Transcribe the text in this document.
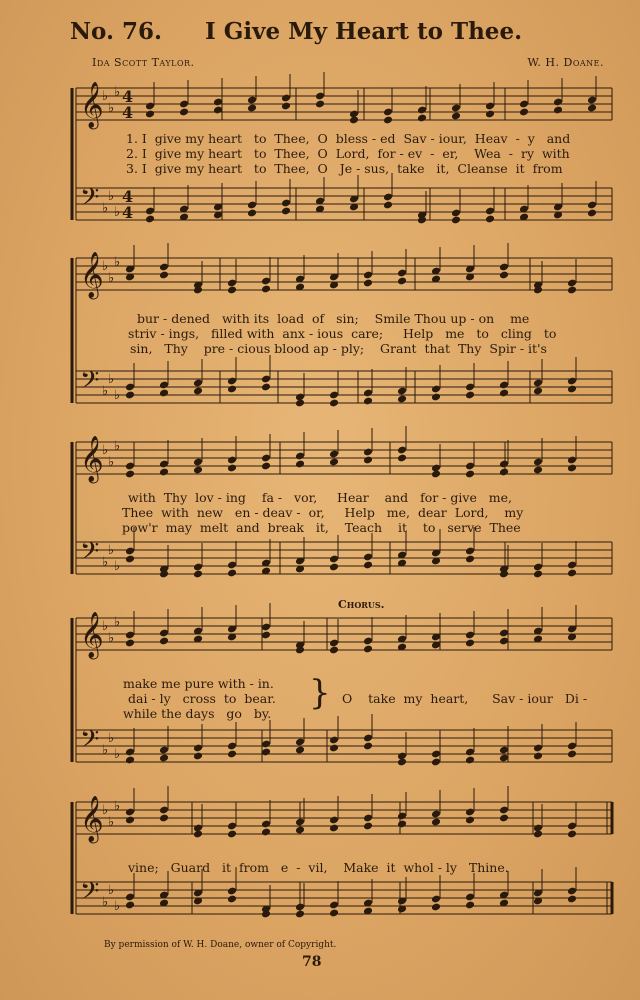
No. 76. I Give My Heart to Thee.
Ida Scott Taylor.	W. H. Doane.
𝄞
♭
♭
♭
𝄢 ♭
♭
♭
4
4
4
4
𝄞
♭
♭
♭
𝄢 ♭
♭
♭
𝄞
♭
♭
♭
𝄢 ♭
♭
♭
𝄞
♭
♭
♭
𝄢 ♭
♭
♭
𝄞
♭
♭
♭
𝄢 ♭
♭
♭
1. I  give my heart   to  Thee,  O  bless - ed  Sav - iour,  Heav  -  y   and
2. I  give my heart   to  Thee,  O  Lord,  for - ev  -  er,    Wea  -  ry  with
3. I  give my heart   to  Thee,  O   Je - sus,  take   it,  Cleanse  it  from
bur - dened   with its  load  of   sin;    Smile Thou up - on    me
striv - ings,   filled with  anx - ious  care;     Help   me   to   cling   to
sin,   Thy    pre - cious blood ap - ply;    Grant  that  Thy  Spir - it's
with  Thy  lov - ing    fa -   vor,     Hear    and   for - give   me,
Thee  with  new   en - deav -  or,     Help   me,  dear  Lord,    my
pow'r  may  melt  and  break   it,    Teach    it    to   serve  Thee
Chorus.
make me pure with - in.
dai - ly   cross  to  bear.
while the days   go   by.
} O    take  my  heart,      Sav - iour   Di -
vine;   Guard   it  from   e  -  vil,    Make  it  whol - ly   Thine.
By permission of W. H. Doane, owner of Copyright.
78
